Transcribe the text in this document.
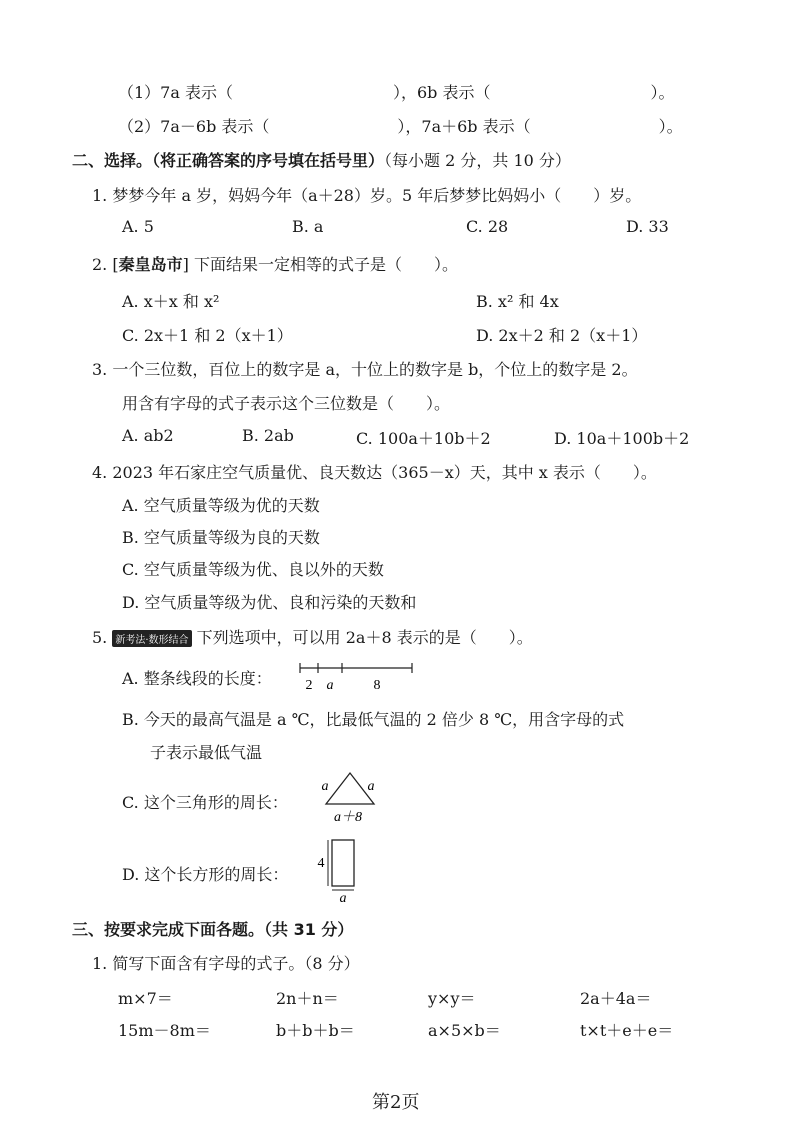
（1）7a 表示（　　　　　　　　　　），6b 表示（　　　　　　　　　　）。
（2）7a－6b 表示（　　　　　　　　），7a＋6b 表示（　　　　　　　　）。
二、选择。（将正确答案的序号填在括号里）（每小题 2 分，共 10 分）
1. 梦梦今年 a 岁，妈妈今年（a＋28）岁。5 年后梦梦比妈妈小（　　）岁。
A. 5	B. a	C. 28	D. 33
2. [秦皇岛市] 下面结果一定相等的式子是（　　）。
A. x＋x 和 x²	B. x² 和 4x
C. 2x＋1 和 2（x＋1）	D. 2x＋2 和 2（x＋1）
3. 一个三位数，百位上的数字是 a，十位上的数字是 b，个位上的数字是 2。
用含有字母的式子表示这个三位数是（　　）。
A. ab2	B. 2ab	C. 100a＋10b＋2	D. 10a＋100b＋2
4. 2023 年石家庄空气质量优、良天数达（365－x）天，其中 x 表示（　　）。
A. 空气质量等级为优的天数
B. 空气质量等级为良的天数
C. 空气质量等级为优、良以外的天数
D. 空气质量等级为优、良和污染的天数和
5. 新考法·数形结合 下列选项中，可以用 2a＋8 表示的是（　　）。
A. 整条线段的长度： 2 a	8
B. 今天的最高气温是 a ℃，比最低气温的 2 倍少 8 ℃，用含字母的式
子表示最低气温
C. 这个三角形的周长：
a	a
a＋8
D. 这个长方形的周长：
4
a
三、按要求完成下面各题。（共 31 分）
1. 简写下面含有字母的式子。（8 分）
m×7＝	2n＋n＝	y×y＝	2a＋4a＝
15m－8m＝	b＋b＋b＝	a×5×b＝	t×t＋e＋e＝
第2页
